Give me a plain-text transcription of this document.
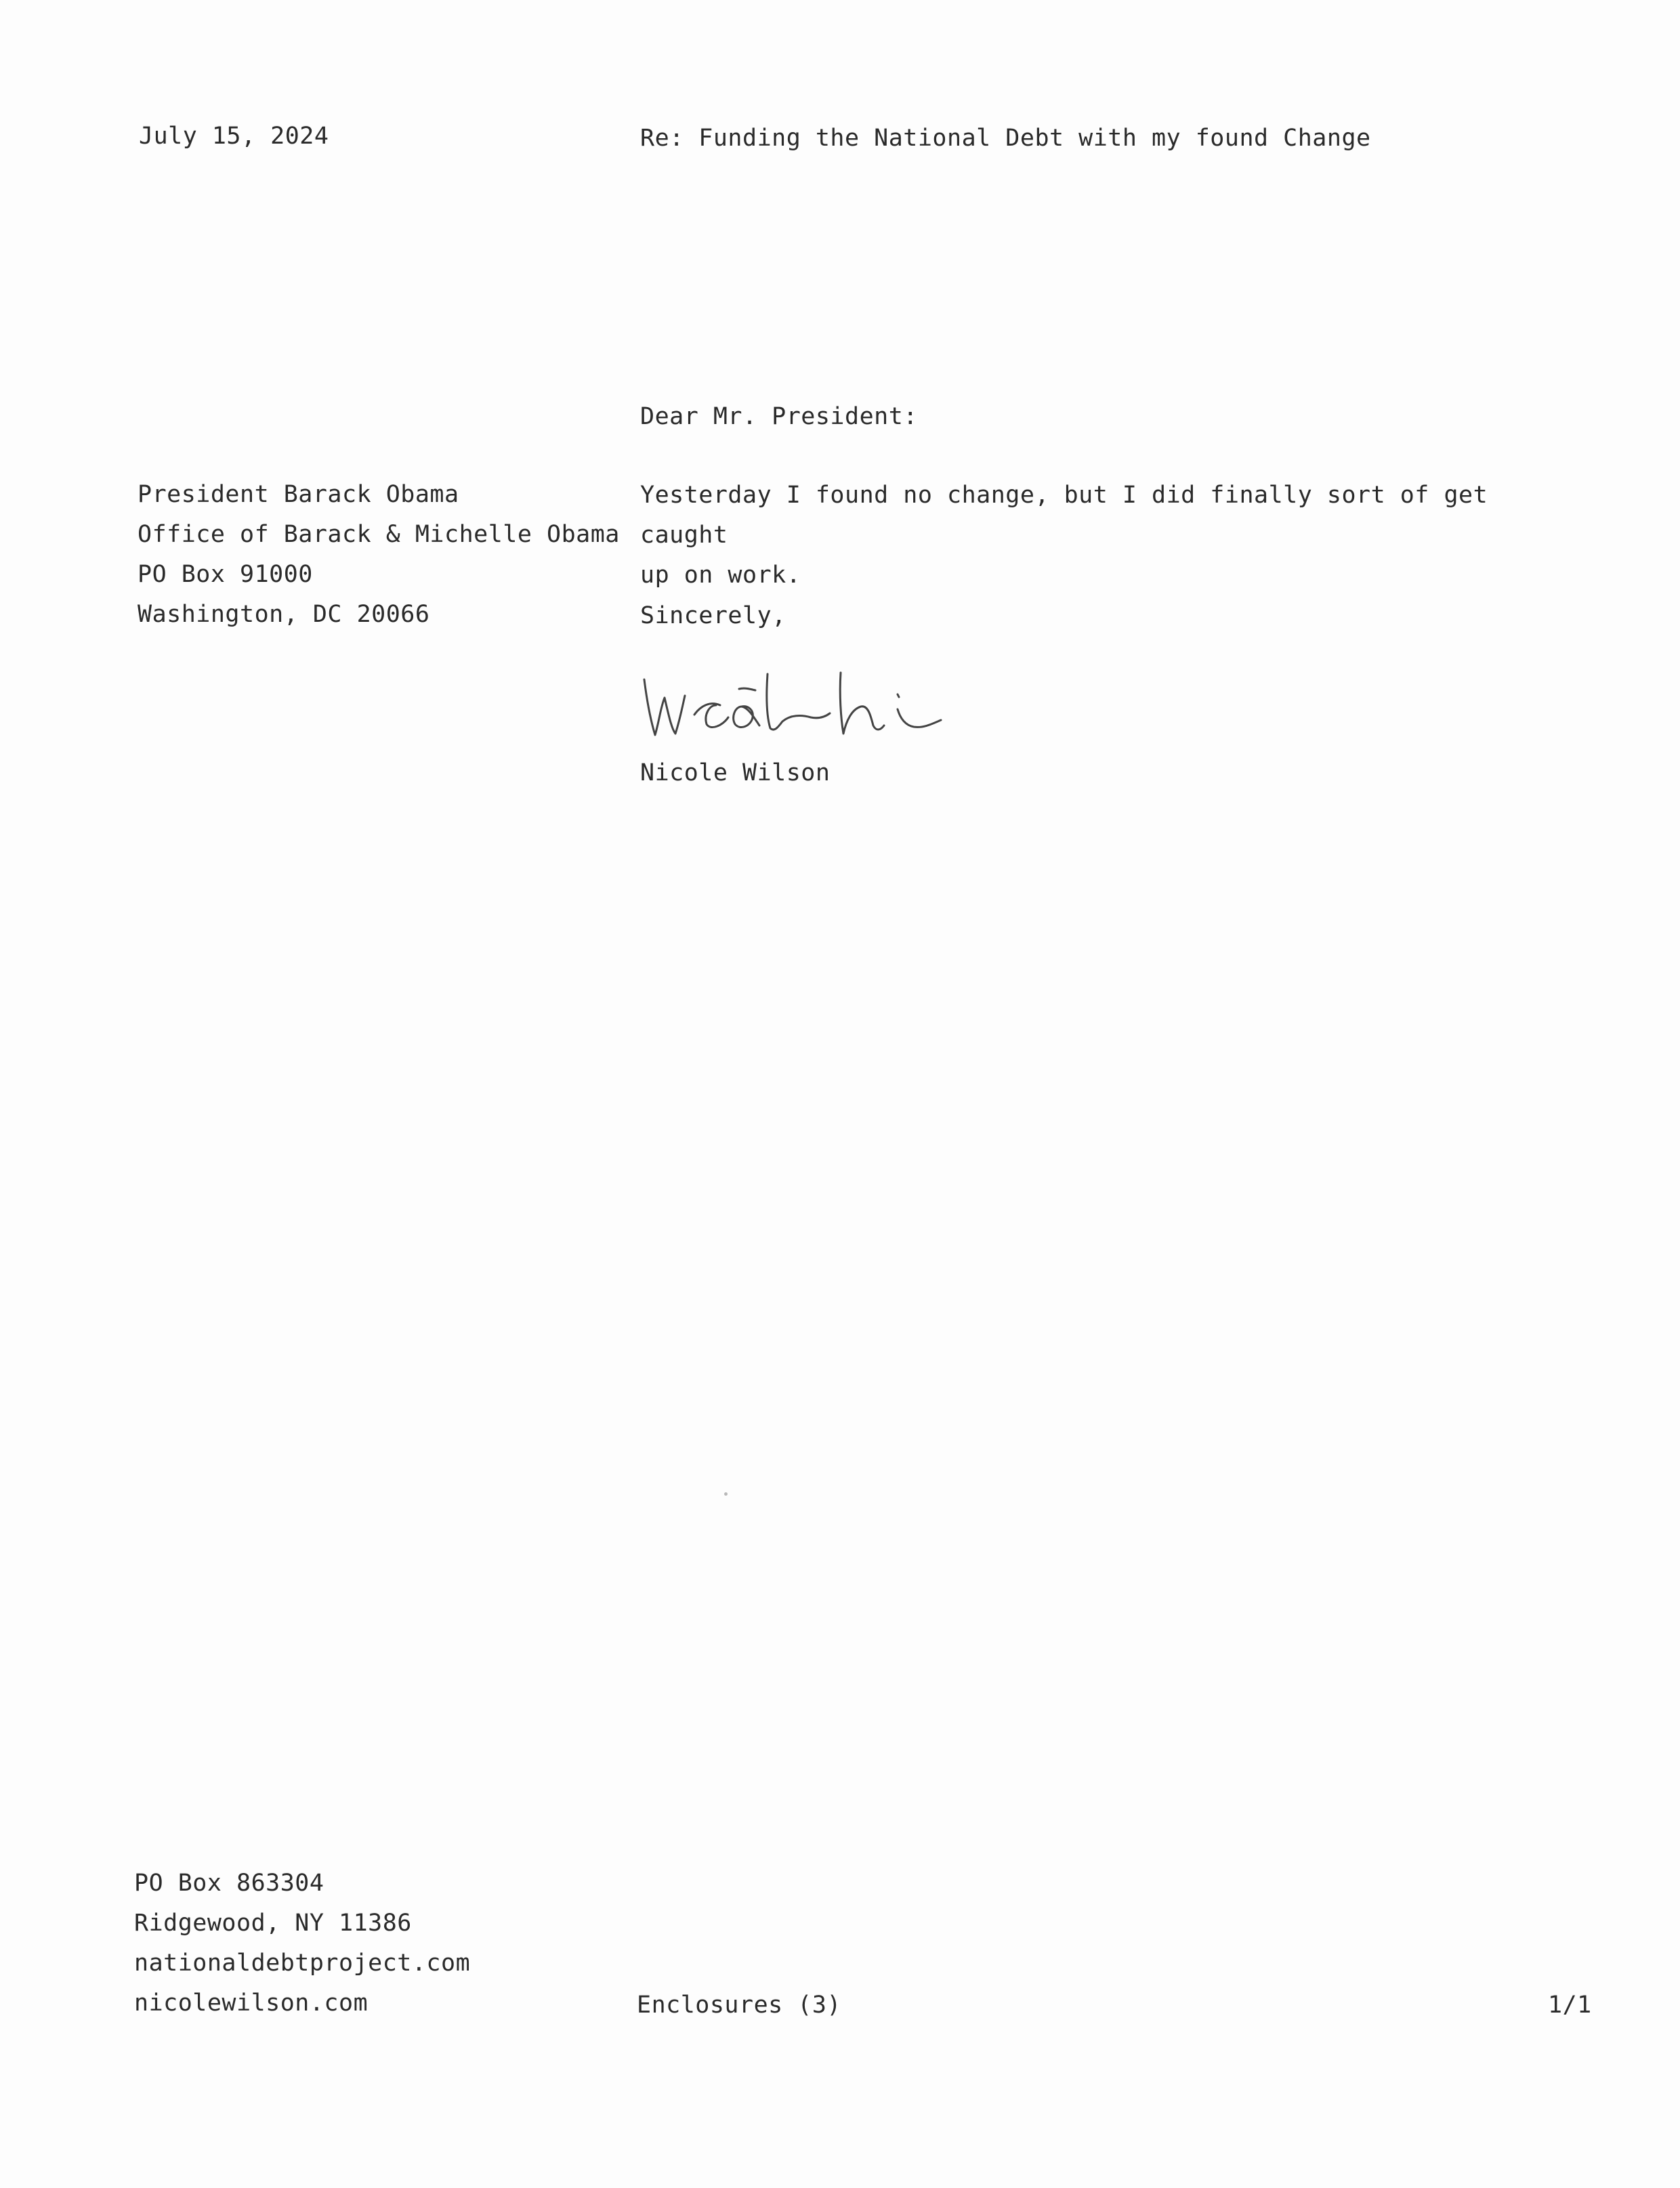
July 15, 2024	Re: Funding the National Debt with my found Change
Dear Mr. President:
President Barack Obama
Office of Barack & Michelle Obama
PO Box 91000
Washington, DC 20066
Yesterday I found no change, but I did finally sort of get caught
up on work.
Sincerely,
Nicole Wilson
PO Box 863304
Ridgewood, NY 11386
nationaldebtproject.com
nicolewilson.com	Enclosures (3)	1/1
